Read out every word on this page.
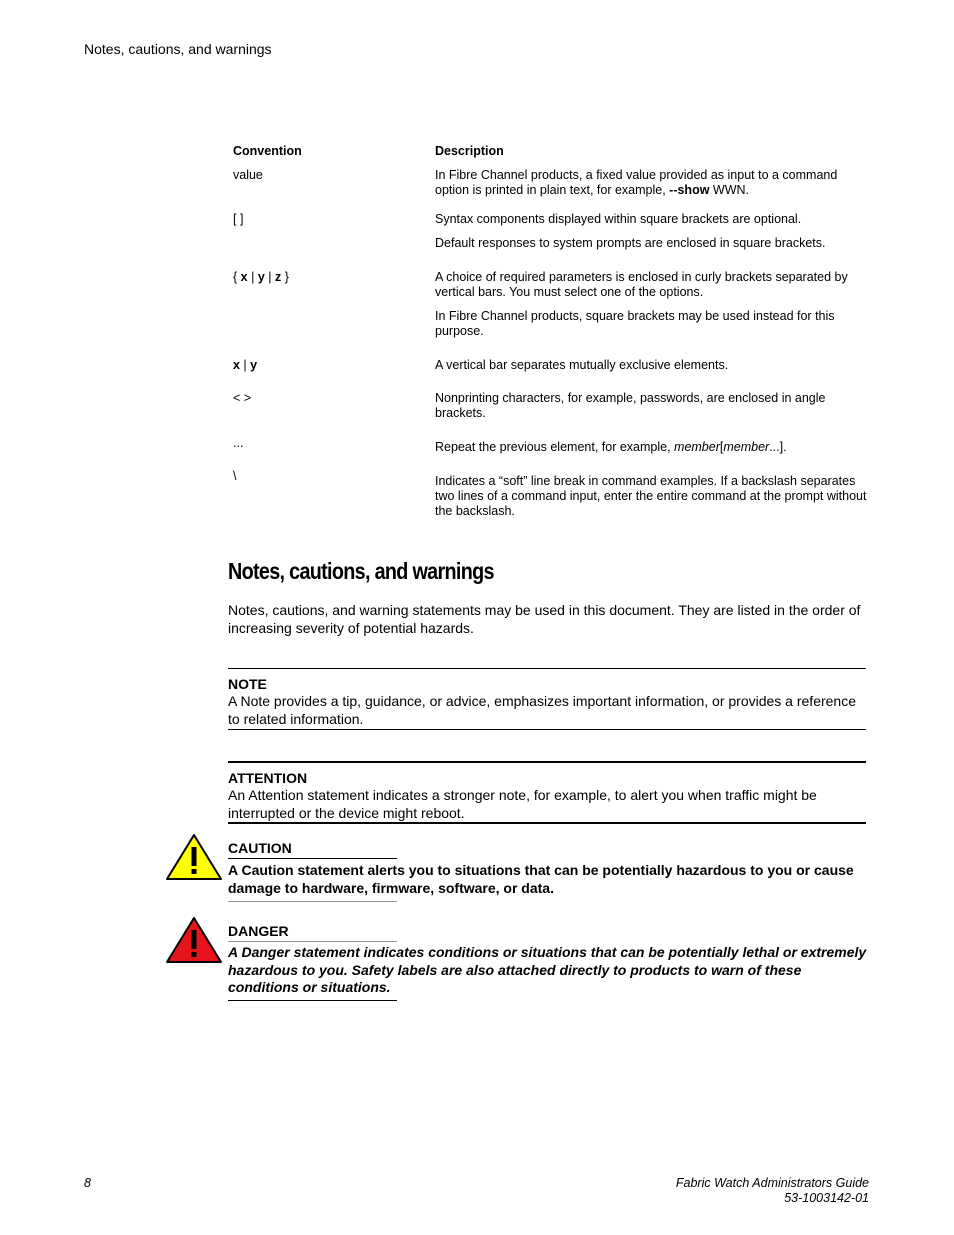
Notes, cautions, and warnings
Convention	Description
value	In Fibre Channel products, a fixed value provided as input to a command option is printed in plain text, for example, --show WWN.

[ ]	Syntax components displayed within square brackets are optional.

Default responses to system prompts are enclosed in square brackets.

{ x | y | z }	A choice of required parameters is enclosed in curly brackets separated by vertical bars. You must select one of the options.

In Fibre Channel products, square brackets may be used instead for this purpose.

x | y	A vertical bar separates mutually exclusive elements.

< >	Nonprinting characters, for example, passwords, are enclosed in angle brackets.

...	Repeat the previous element, for example, member[member...].

\	Indicates a “soft” line break in command examples. If a backslash separates two lines of a command input, enter the entire command at the prompt without the backslash.

Notes, cautions, and warnings
Notes, cautions, and warning statements may be used in this document. They are listed in the order of increasing severity of potential hazards.
NOTE
A Note provides a tip, guidance, or advice, emphasizes important information, or provides a reference to related information.
ATTENTION
An Attention statement indicates a stronger note, for example, to alert you when traffic might be interrupted or the device might reboot.
CAUTION
A Caution statement alerts you to situations that can be potentially hazardous to you or cause damage to hardware, firmware, software, or data.
DANGER
A Danger statement indicates conditions or situations that can be potentially lethal or extremely hazardous to you. Safety labels are also attached directly to products to warn of these conditions or situations.
8	Fabric Watch Administrators Guide
53-1003142-01
